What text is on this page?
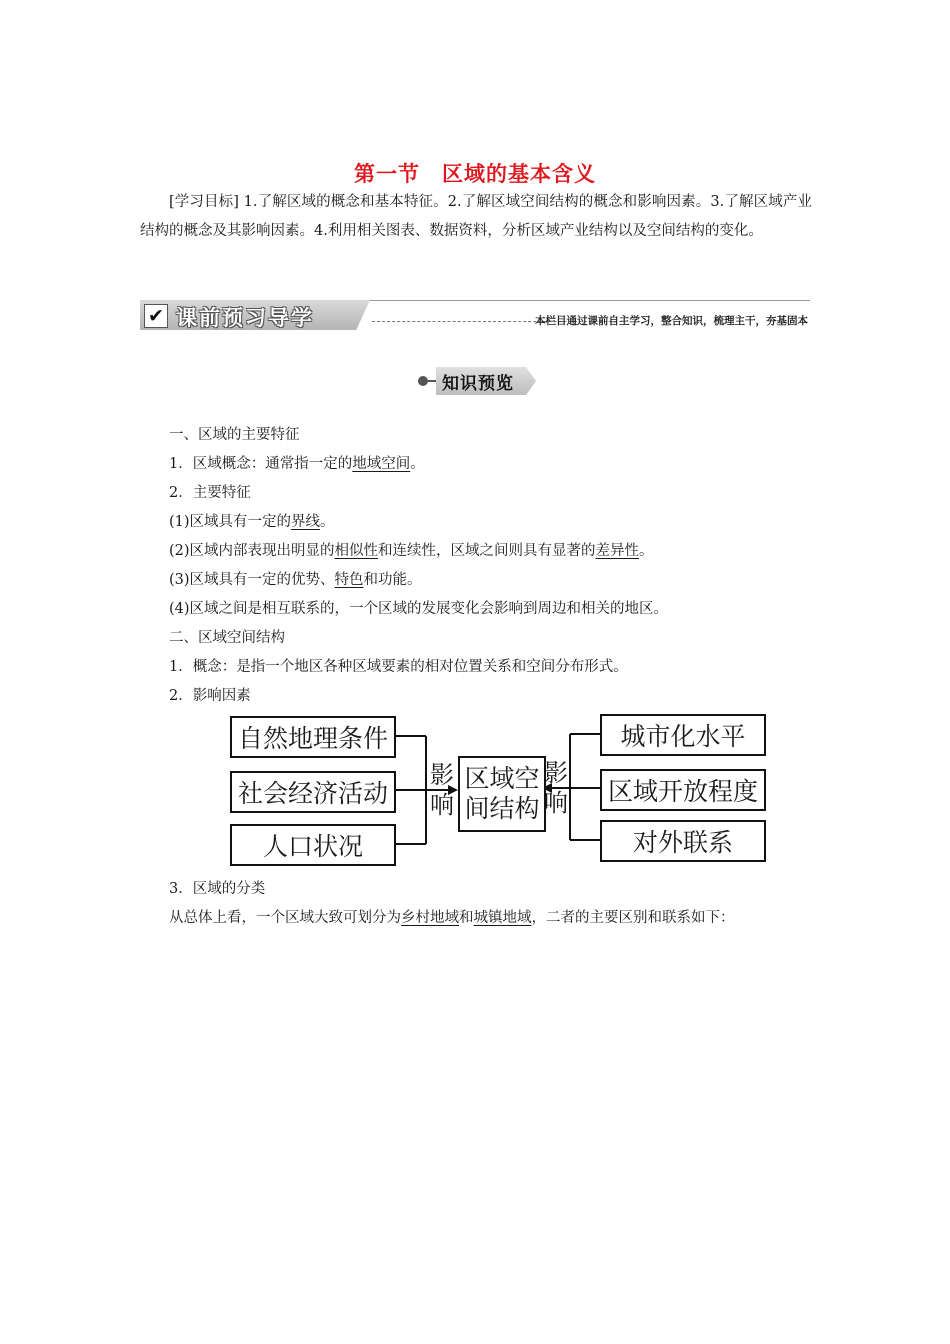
第一节　区域的基本含义
[学习目标] 1.了解区域的概念和基本特征。2.了解区域空间结构的概念和影响因素。3.了解区域产业结构的概念及其影响因素。4.利用相关图表、数据资料，分析区域产业结构以及空间结构的变化。
✔ 课前预习导学	本栏目通过课前自主学习，整合知识，梳理主干，夯基固本
知识预览
一、区域的主要特征
1．区域概念：通常指一定的地域空间。
2．主要特征
(1)区域具有一定的界线。
(2)区域内部表现出明显的相似性和连续性，区域之间则具有显著的差异性。
(3)区域具有一定的优势、特色和功能。
(4)区域之间是相互联系的，一个区域的发展变化会影响到周边和相关的地区。
二、区域空间结构
1．概念：是指一个地区各种区域要素的相对位置关系和空间分布形式。
2．影响因素
自然地理条件
社会经济活动
人口状况
影
响
区域空
间结构
影
响
城市化水平
区域开放程度
对外联系
3．区域的分类
从总体上看，一个区域大致可划分为乡村地域和城镇地域，二者的主要区别和联系如下：
